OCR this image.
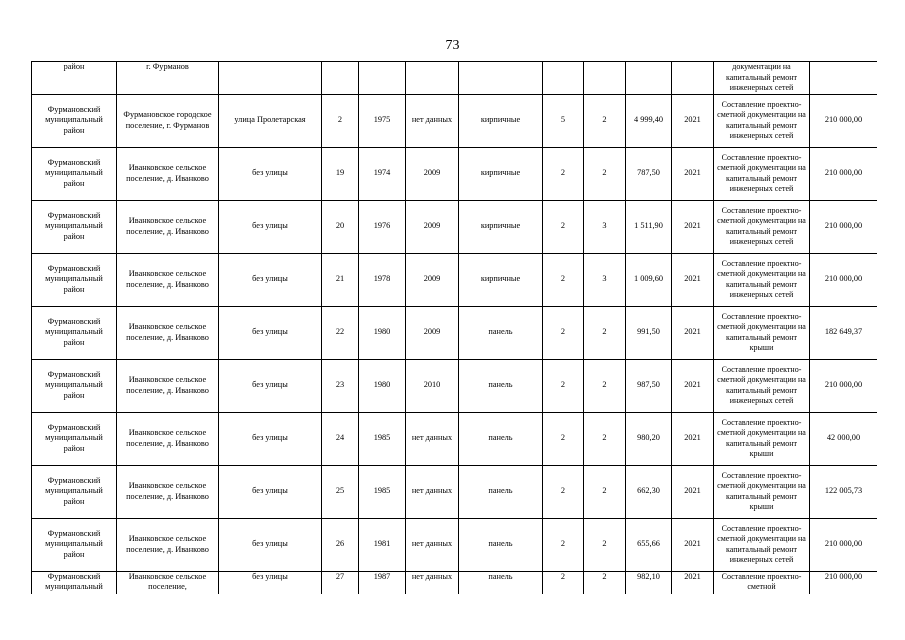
73
район	г. Фурманов										документации на капитальный ремонт инженерных сетей	
Фурмановский муниципальный район	Фурмановское городское поселение, г. Фурманов	улица Пролетарская	2	1975	нет данных	кирпичные	5	2	4 999,40	2021	Составление проектно-сметной документации на капитальный ремонт инженерных сетей	210 000,00
Фурмановский муниципальный район	Иванковское сельское поселение, д. Иванково	без улицы	19	1974	2009	кирпичные	2	2	787,50	2021	Составление проектно-сметной документации на капитальный ремонт инженерных сетей	210 000,00
Фурмановский муниципальный район	Иванковское сельское поселение, д. Иванково	без улицы	20	1976	2009	кирпичные	2	3	1 511,90	2021	Составление проектно-сметной документации на капитальный ремонт инженерных сетей	210 000,00
Фурмановский муниципальный район	Иванковское сельское поселение, д. Иванково	без улицы	21	1978	2009	кирпичные	2	3	1 009,60	2021	Составление проектно-сметной документации на капитальный ремонт инженерных сетей	210 000,00
Фурмановский муниципальный район	Иванковское сельское поселение, д. Иванково	без улицы	22	1980	2009	панель	2	2	991,50	2021	Составление проектно-сметной документации на капитальный ремонт крыши	182 649,37
Фурмановский муниципальный район	Иванковское сельское поселение, д. Иванково	без улицы	23	1980	2010	панель	2	2	987,50	2021	Составление проектно-сметной документации на капитальный ремонт инженерных сетей	210 000,00
Фурмановский муниципальный район	Иванковское сельское поселение, д. Иванково	без улицы	24	1985	нет данных	панель	2	2	980,20	2021	Составление проектно-сметной документации на капитальный ремонт крыши	42 000,00
Фурмановский муниципальный район	Иванковское сельское поселение, д. Иванково	без улицы	25	1985	нет данных	панель	2	2	662,30	2021	Составление проектно-сметной документации на капитальный ремонт крыши	122 005,73
Фурмановский муниципальный район	Иванковское сельское поселение, д. Иванково	без улицы	26	1981	нет данных	панель	2	2	655,66	2021	Составление проектно-сметной документации на капитальный ремонт инженерных сетей	210 000,00
Фурмановский муниципальный	Иванковское сельское поселение,	без улицы	27	1987	нет данных	панель	2	2	982,10	2021	Составление проектно-сметной	210 000,00
